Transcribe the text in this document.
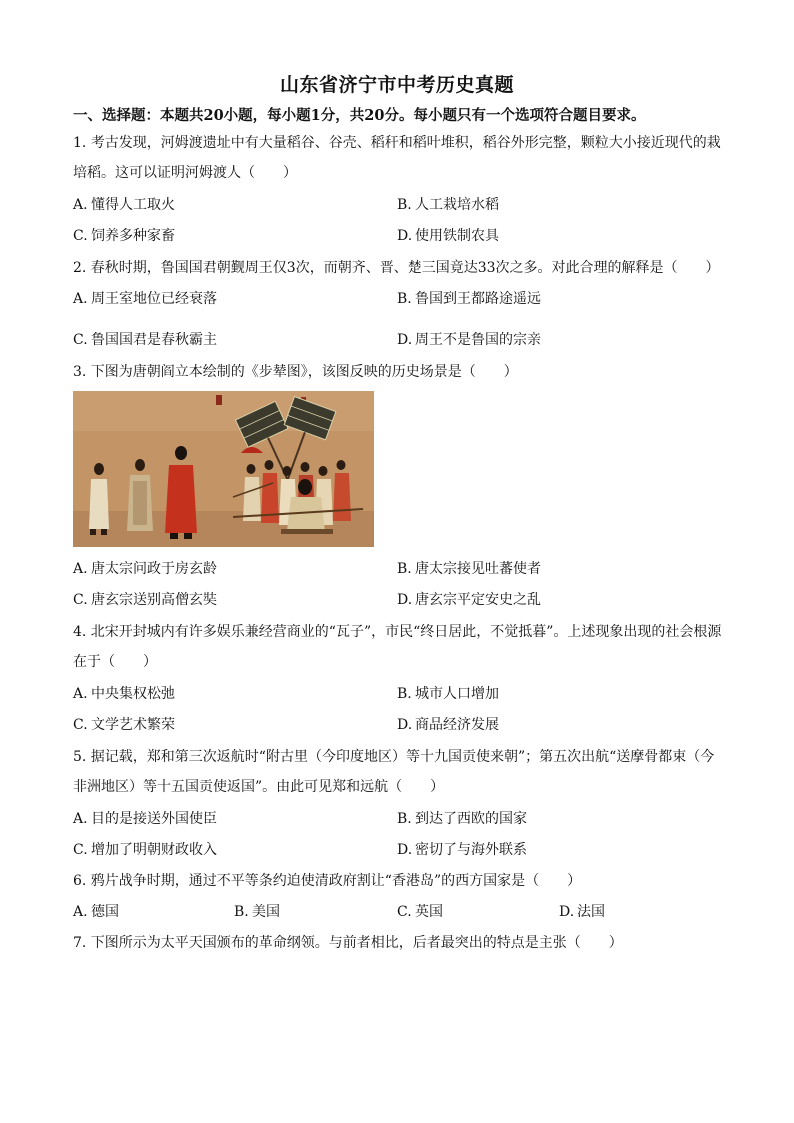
山东省济宁市中考历史真题
一、选择题：本题共20小题，每小题1分，共20分。每小题只有一个选项符合题目要求。
1. 考古发现，河姆渡遗址中有大量稻谷、谷壳、稻秆和稻叶堆积，稻谷外形完整，颗粒大小接近现代的栽培稻。这可以证明河姆渡人（　　）
A. 懂得人工取火	B. 人工栽培水稻
C. 饲养多种家畜	D. 使用铁制农具
2. 春秋时期，鲁国国君朝觐周王仅3次，而朝齐、晋、楚三国竟达33次之多。对此合理的解释是（　　）
A. 周王室地位已经衰落	B. 鲁国到王都路途遥远
C. 鲁国国君是春秋霸主	D. 周王不是鲁国的宗亲
3. 下图为唐朝阎立本绘制的《步辇图》，该图反映的历史场景是（　　）
A. 唐太宗问政于房玄龄	B. 唐太宗接见吐蕃使者
C. 唐玄宗送别高僧玄奘	D. 唐玄宗平定安史之乱
4. 北宋开封城内有许多娱乐兼经营商业的“瓦子”，市民“终日居此，不觉抵暮”。上述现象出现的社会根源在于（　　）
A. 中央集权松弛	B. 城市人口增加
C. 文学艺术繁荣	D. 商品经济发展
5. 据记载，郑和第三次返航时“附古里（今印度地区）等十九国贡使来朝”；第五次出航“送摩骨都束（今非洲地区）等十五国贡使返国”。由此可见郑和远航（　　）
A. 目的是接送外国使臣	B. 到达了西欧的国家
C. 增加了明朝财政收入	D. 密切了与海外联系
6. 鸦片战争时期，通过不平等条约迫使清政府割让“香港岛”的西方国家是（　　）
A. 德国	B. 美国	C. 英国	D. 法国
7. 下图所示为太平天国颁布的革命纲领。与前者相比，后者最突出的特点是主张（　　）
